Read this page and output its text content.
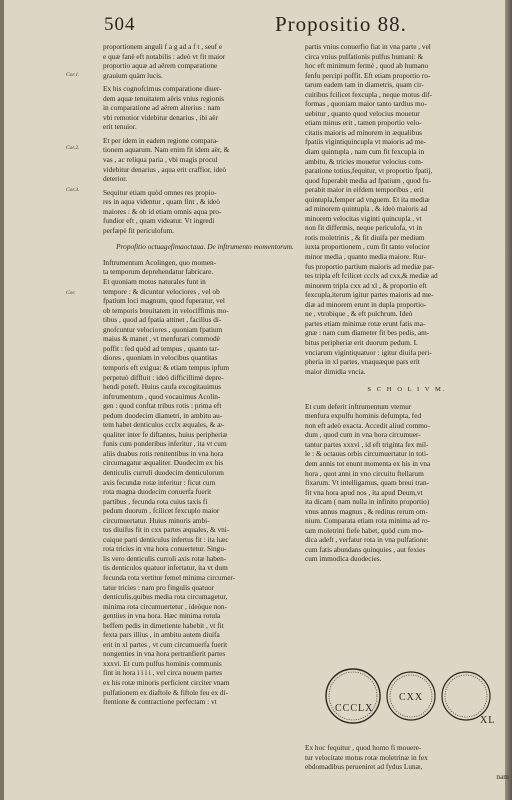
504	Propositio 88.
Cor.1.
Cor.2.
Cor.3.
Cor.
proportionem anguli f a g ad a f t , seuf e
e quæ fanè eft notabilis : adeò vt fit maior
proportio aquæ ad aërem comparatione
grauium quàm lucis.
Ex his cognofcimus comparatione diuer-
dem aquæ tenuitatem aëris vnius regionis
in comparatione ad aërem alterius : nam
vbi remotior videbitur denarius , ibi aër
erit tenuior.
Et per idem in eadem regione compara-
tionem aquarum. Nam enim fit idem aër, &
vas , ac reliqua paria , vbi magis procul
videbitur denarius , aqua erit craffior, ideò
deterior.
Sequitur etiam quòd omnes res propio-
res in aqua videntur , quam fint , & ideò
maiores : & ob id etiam omnis aqua pro-
fundior eft , quam videatur. Vt ingredi
perfæpè fit periculofum.
Propofitio octuagefimaoctaua. De inftrumento momentorum.
Inftrumentum Acolingen, quo momen-
ta temporum deprehendatur fabricare.
Et quoniam motus naturales funt in
tempore : & dicuntur velociores , vel ob
fpatium loci magnum, quod fuperatur, vel
ob temporis breuitatem in velociffimis mo-
tibus , quod ad fpatia attinet , facilius di-
gnofcuntur velociores , quoniam fpatium
maius & manet , vt menfurari commodè
poffit : fed quòd ad tempus , quanto tar-
diores , quoniam in velocibus quantitas
temporis eft exigua: & etiam tempus ipfum
perpetuò diffluit : ideò difficillimè depre-
hendi poteft. Huius caufa excogitauimus
inftrumentum , quod vocauimus Acolin-
gen : quod conftat tribus rotis : prima eft
pedum duodecim diametri, in ambitu au-
tem habet denticulos ccclx æquales, & æ-
qualiter inter fe diftantes, huius peripheriæ
funis cum ponderibus inferitur , ita vt cum
aliis duabus rotis renitentibus in vna hora
circumagatur æqualiter. Duodecim ex his
denticulis curruli duodecim denticulorum
axis fecundæ rotæ inferitur : ficut cum
rota magna duodecim conuerfa fuerit
partibus , fecunda rota cuius taxis fi
pedum duorum , fcilicet fexcuplo maior
circumuertatur. Huius minoris ambi-
tus diuifus fit in cxx partes æquales, & vni-
cuique parti denticulus infertus fit : ita hæc
rota tricies in vna hora conuertetur. Singu-
lis vero denticulis curroli axis rotæ haben-
tis denticulos quatuor infertatur, ita vt dum
fecunda rota vertitur femel minima circumer-
tatur tricies : nam pro fingulis quatuor
denticulis,quibus media rota circumagetur,
minima rota circumuertetur , ideòque non-
gentiies in vna hora. Hæc minima rotula
beffem pedis in dimetiente habebit , vt fit
fexta pars illius , in ambitu autem diuifa
erit in xl partes , vt cum circumuerfa fuerit
nongenties in vna hora pertranfierit partes
xxxvi. Et cum pulfus hominis communis
fint in hora i i i i , vel circa nouem partes
ex his rotæ minoris perficient circiter vnam
pulfationem ex diaftole & fiftole feu ex di-
ftentione & contractione perfectam : vt
partis vnius conuerfio fiat in vna parte , vel
circa vnius pulfationis pulfus humani: &
hoc eft minimum fermè , quod ab humano
fenfu percipi poffit. Eft etiam proportio ro-
tarum eadem tam in diametris, quam cir-
cuitibus fcilicet fexcupla , neque motus dif-
formas , quoniam maior tanto tardius mo-
uebitur , quanto quod velocius mouetur
etiam minus erit , tamen proportio velo-
citatis maioris ad minorem in æqualibus
fpatiis vigintiquincupla vt maioris ad me-
diam quintupla , nam cum fit fexcupla in
ambitu, & tricies mouetur velocius com-
paratione totius,fequitur, vt proportio fpatij,
quod fuperabit media ad fpatium , quod fu-
perabit maior in eifdem temporibus , erit
quintupla,femper ad vnguem. Et ita mediæ
ad minorem quintupla , & ideò maioris ad
minorem velocitas viginti quincupla , vt
non fit differmis, neque periculofa, vt in
rotis moletrinis , & fit diuifa per medium
iuxta proportionem , cum fit tanto velocior
minor media , quanto media maiore. Rur-
fus proportio partium maioris ad mediæ par-
tes tripla eft fcilicet ccclx ad cxx,& mediæ ad
minorem tripla cxx ad xl , & proportio eft
fexcupla,iterum igitur partes maioris ad me-
diæ ad minorem erunt in dupla proportio-
ne , vtrobique , & eft pulchrum. Ideò
partes etiam minimæ rotæ erunt fatis ma-
gnæ : nam cum diameter fit bes pedis, am-
bitus peripheriæ erit duorum pedum. I.
vnciarum vigintiquatuor : igitur diuifa peri-
pheria in xl partes, vnaquæque pars erit
maior dimidia vncia.
S C H O L I V M.
Et cum deferit inftrumentum vtemur
menfura expulfu hominis defumpta, fed
non eft adeò exacta. Accedit aliud commo-
dum , quod cum in vna hora circumuer-
tantur partes xxxvi , id eft triginta fex mil-
le : & octauus orbis circumuertatur in toti-
dem annis tot enunt momenta ex his in vna
hora , quot anni in vno circuitu ftellarum
fixarum. Vt intelligamus, quam breui tran-
fit vna hora apud nos , ita apud Deum,vt
ita dicam ( nam nulla in infinito proportio)
vnus annus magnus , & reditus rerum om-
nium. Comparata etiam rota minima ad ro-
tam moletrini fiefe habet, quòd cum mo-
dica adeft , verfatur rota in vna pulfatione:
cum fatis abundans quinquies , aut fexies
cum immodica duodecies.
CCCLX
CXX
XL
Ex hoc fequitur , quod homo fi mouere-
tur velocitate motus rotæ moletrinæ in fex
ebdomadibus perueniret ad fydus Lunæ,
nam
